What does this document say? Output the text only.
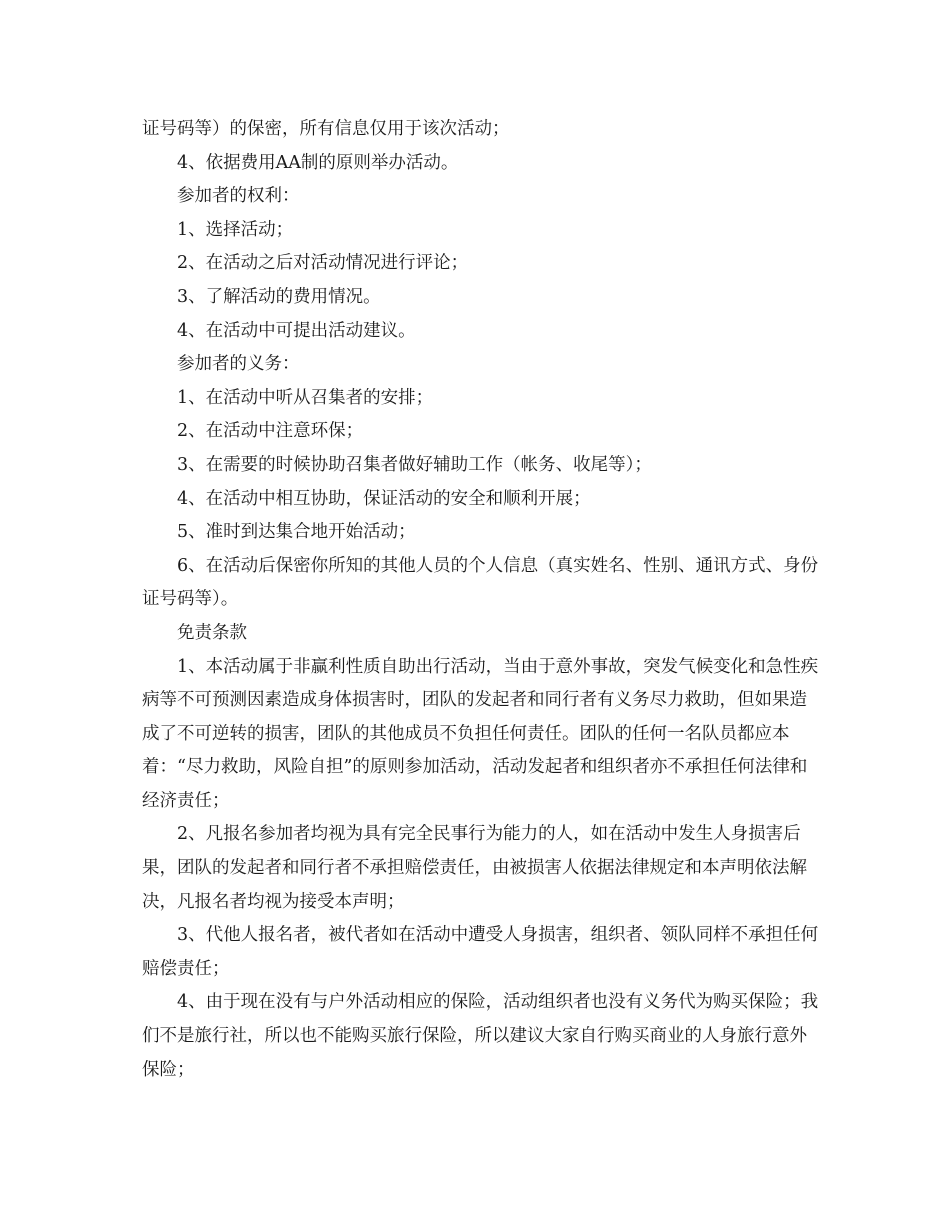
证号码等）的保密，所有信息仅用于该次活动；

4、依据费用AA制的原则举办活动。

参加者的权利：

1、选择活动；

2、在活动之后对活动情况进行评论；

3、了解活动的费用情况。

4、在活动中可提出活动建议。

参加者的义务：

1、在活动中听从召集者的安排；

2、在活动中注意环保；

3、在需要的时候协助召集者做好辅助工作（帐务、收尾等）；

4、在活动中相互协助，保证活动的安全和顺利开展；

5、准时到达集合地开始活动；

6、在活动后保密你所知的其他人员的个人信息（真实姓名、性别、通讯方式、身份证号码等）。

免责条款

1、本活动属于非赢利性质自助出行活动，当由于意外事故，突发气候变化和急性疾病等不可预测因素造成身体损害时，团队的发起者和同行者有义务尽力救助，但如果造成了不可逆转的损害，团队的其他成员不负担任何责任。团队的任何一名队员都应本着：“尽力救助，风险自担”的原则参加活动，活动发起者和组织者亦不承担任何法律和经济责任；

2、凡报名参加者均视为具有完全民事行为能力的人，如在活动中发生人身损害后果，团队的发起者和同行者不承担赔偿责任，由被损害人依据法律规定和本声明依法解决，凡报名者均视为接受本声明；

3、代他人报名者，被代者如在活动中遭受人身损害，组织者、领队同样不承担任何赔偿责任；

4、由于现在没有与户外活动相应的保险，活动组织者也没有义务代为购买保险；我们不是旅行社，所以也不能购买旅行保险，所以建议大家自行购买商业的人身旅行意外保险；
